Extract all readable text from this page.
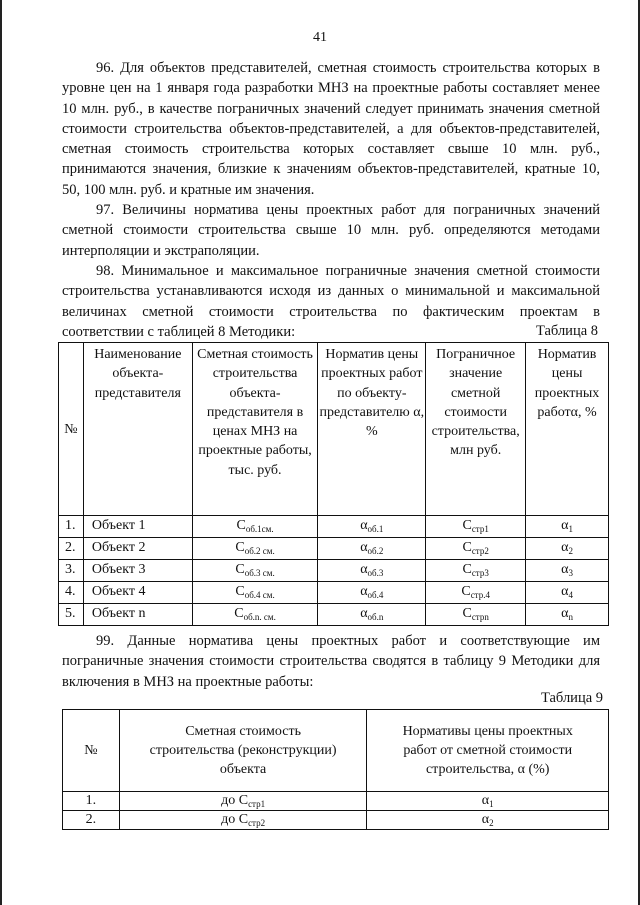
41

96. Для объектов представителей, сметная стоимость строительства которых в уровне цен на 1 января года разработки МНЗ на проектные работы составляет менее 10 млн. руб., в качестве пограничных значений следует принимать значения сметной стоимости строительства объектов-представителей, а для объектов-представителей, сметная стоимость строительства которых составляет свыше 10 млн. руб., принимаются значения, близкие к значениям объектов-представителей, кратные 10, 50, 100 млн. руб. и кратные им значения.

97. Величины норматива цены проектных работ для пограничных значений сметной стоимости строительства свыше 10 млн. руб. определяются методами интерполяции и экстраполяции.

98. Минимальное и максимальное пограничные значения сметной стоимости строительства устанавливаются исходя из данных о минимальной и максимальной величинах сметной стоимости строительства по фактическим проектам в соответствии с таблицей 8 Методики:	Таблица 8
№	Наименование объекта-представителя	Сметная стоимость строительства объекта-представителя в ценах МНЗ на проектные работы, тыс. руб.	Норматив цены проектных работ по объекту-представителю α, %	Пограничное значение сметной стоимости строительства, млн руб.	Норматив цены проектных работα, %
1.	Объект 1	$С_{об.1см.}$	$\alpha_{об.1}$	$С_{стр1}$	$\alpha_1$
2.	Объект 2	$С_{об.2 см.}$	$\alpha_{об.2}$	$С_{стр2}$	$\alpha_2$
3.	Объект 3	$С_{об.3 см.}$	$\alpha_{об.3}$	$С_{стр3}$	$\alpha_3$
4.	Объект 4	$С_{об.4 см.}$	$\alpha_{об.4}$	$С_{стр.4}$	$\alpha_4$
5.	Объект n	$С_{об.n. см.}$	$\alpha_{об.n}$	$С_{стрn}$	$\alpha_n$

99. Данные норматива цены проектных работ и соответствующие им пограничные значения стоимости строительства сводятся в таблицу 9 Методики для включения в МНЗ на проектные работы:

Таблица 9
№	Сметная стоимость строительства (реконструкции) объекта	Нормативы цены проектных работ от сметной стоимости строительства, α (%)
1.	до $С_{стр1}$	$\alpha_1$
2.	до $С_{стр2}$	$\alpha_2$
